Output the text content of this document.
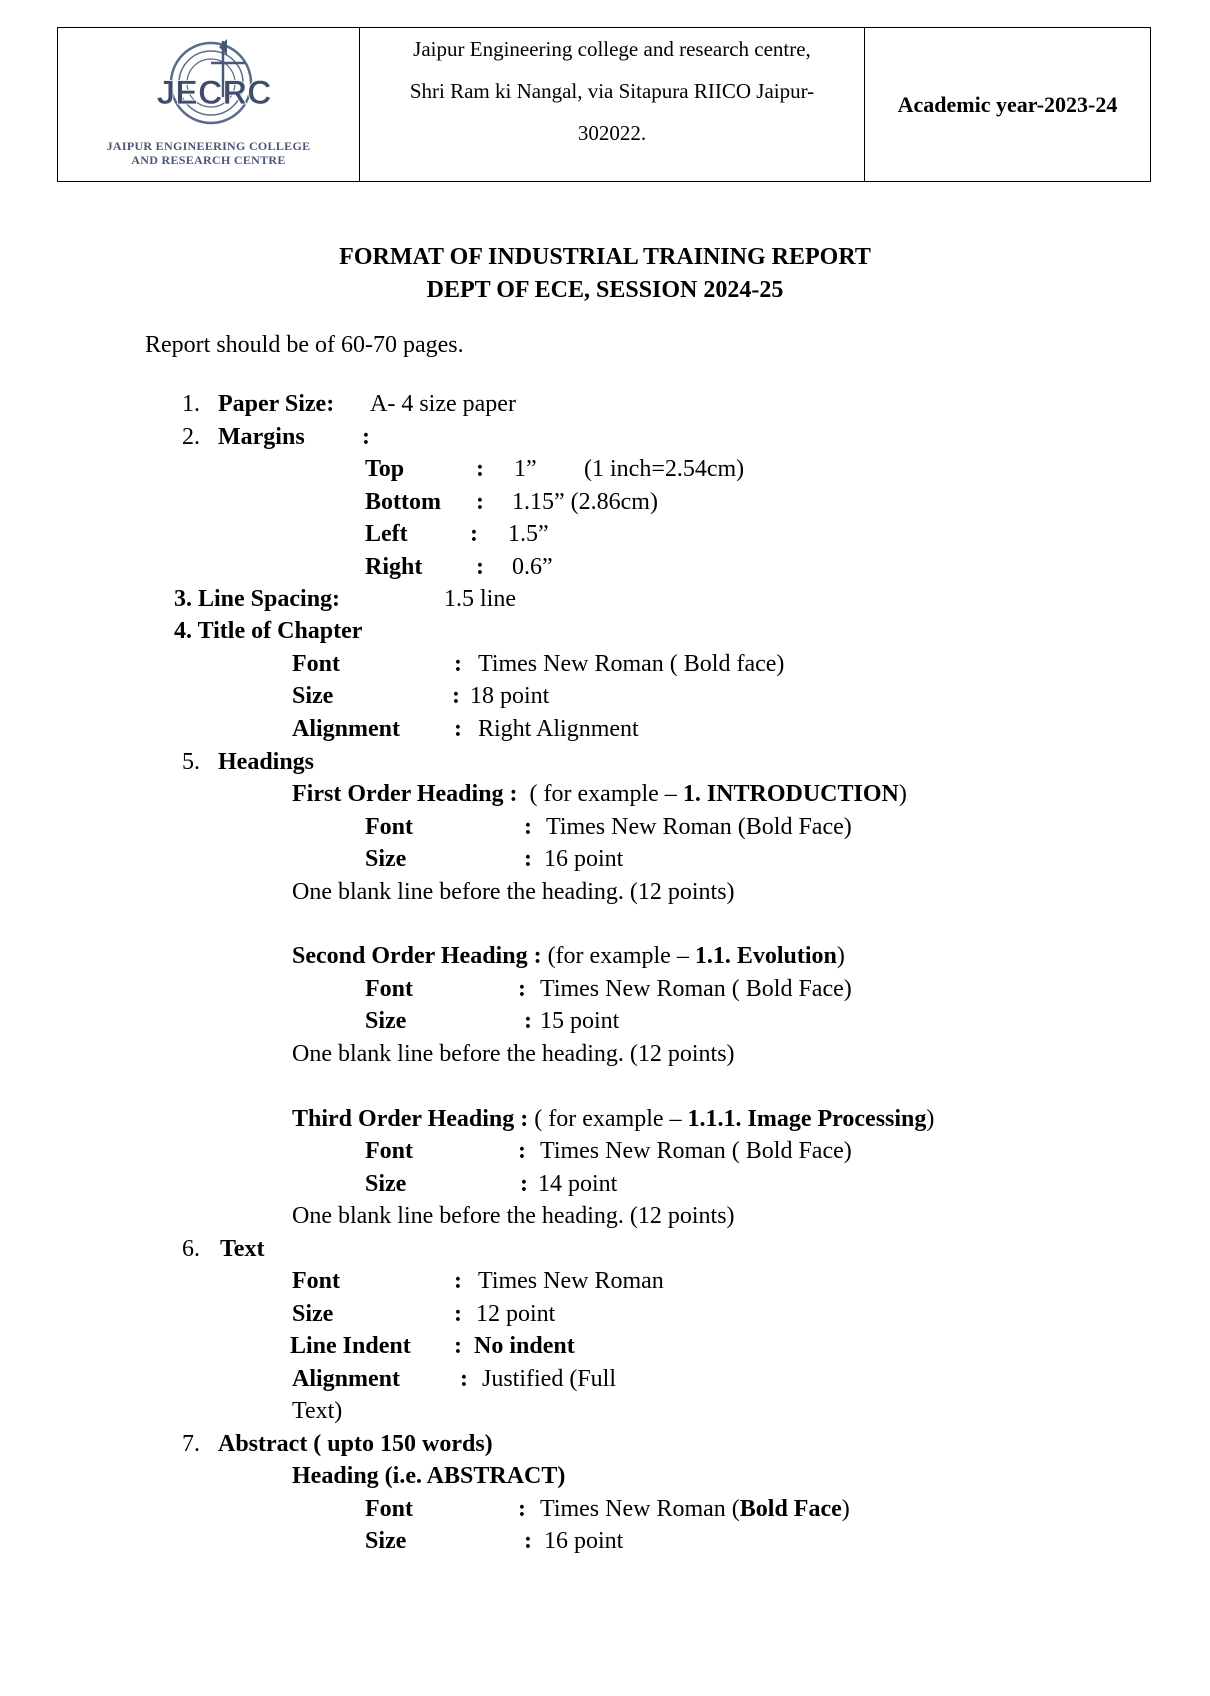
JECRC
JAIPUR ENGINEERING COLLEGE
AND RESEARCH CENTRE
Jaipur Engineering college and research centre,
Shri Ram ki Nangal, via Sitapura RIICO Jaipur-
302022.
Academic year-2023-24
FORMAT OF INDUSTRIAL TRAINING REPORT
DEPT OF ECE, SESSION 2024-25
Report should be of 60-70 pages.
1. Paper Size: A- 4 size paper
2. Margins :
Top	: 1” (1 inch=2.54cm)
Bottom : 1.15” (2.86cm)
Left	: 1.5”
Right : 0.6”
3. Line Spacing:	1.5 line
4. Title of Chapter
Font	: Times New Roman ( Bold face)
Size	: 18 point
Alignment : Right Alignment
5. Headings
First Order Heading : ( for example – 1. INTRODUCTION)
Font	: Times New Roman (Bold Face)
Size	: 16 point
One blank line before the heading. (12 points)
Second Order Heading : (for example – 1.1. Evolution)
Font	: Times New Roman ( Bold Face)
Size	: 15 point
One blank line before the heading. (12 points)
Third Order Heading : ( for example – 1.1.1. Image Processing)
Font	: Times New Roman ( Bold Face)
Size	: 14 point
One blank line before the heading. (12 points)
6. Text
Font	: Times New Roman
Size	: 12 point
Line Indent : No indent
Alignment	: Justified (Full
Text)
7. Abstract ( upto 150 words)
Heading (i.e. ABSTRACT)
Font	: Times New Roman (Bold Face)
Size	: 16 point
